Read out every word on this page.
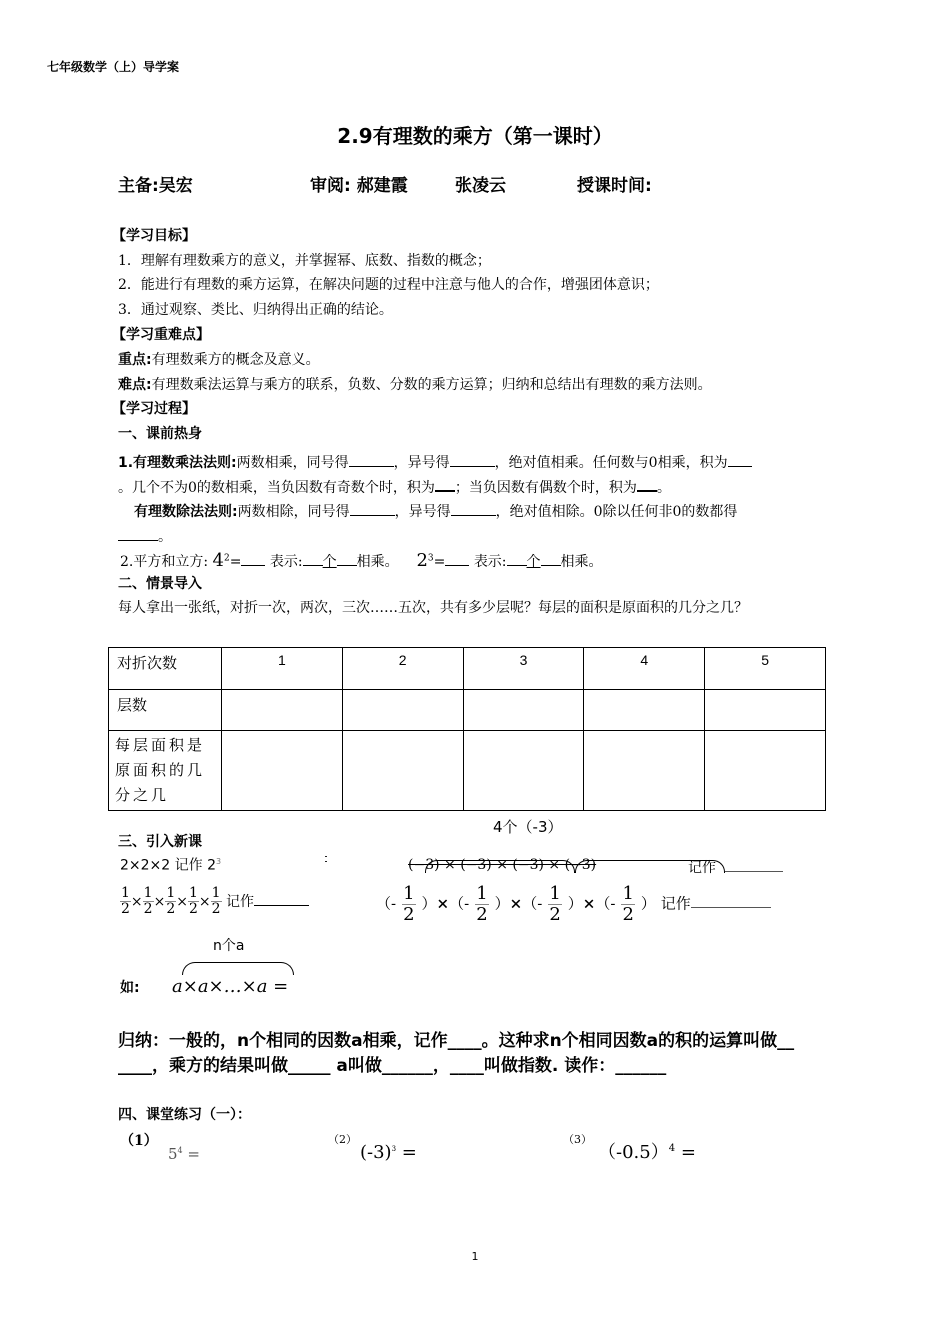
七年级数学（上）导学案
2.9有理数的乘方（第一课时）
主备:吴宏	审阅: 郝建霞	张凌云	授课时间:
【学习目标】
1．理解有理数乘方的意义，并掌握幂、底数、指数的概念；
2．能进行有理数的乘方运算，在解决问题的过程中注意与他人的合作，增强团体意识；
3．通过观察、类比、归纳得出正确的结论。
【学习重难点】
重点:有理数乘方的概念及意义。
难点:有理数乘法运算与乘方的联系，负数、分数的乘方运算；归纳和总结出有理数的乘方法则。
【学习过程】
一、课前热身
1.有理数乘法法则:两数相乘，同号得	，异号得	，绝对值相乘。任何数与0相乘，积为
。几个不为0的数相乘，当负因数有奇数个时，积为 ；当负因数有偶数个时，积为 。
有理数除法法则:两数相除，同号得	，异号得	，绝对值相除。0除以任何非0的数都得
。
2.平方和立方: $4^2=$ 表示: 个 相乘。 $2^3=$ 表示: 个 相乘。
二、情景导入
每人拿出一张纸，对折一次，两次，三次……五次，共有多少层呢？每层的面积是原面积的几分之几？
对折次数	1	2	3	4	5
层数					
每层面积是原面积的几分之几					
4个（-3）
三、引入新课
2×2×2 记作 $2^3$	(−3) × (−3) × (−3) × (−3)	记作
$\frac{1}{2} \times \frac{1}{2} \times \frac{1}{2} \times \frac{1}{2} \times \frac{1}{2}$ 记作	（- $\frac{1}{2}$ ）×（- $\frac{1}{2}$ ）×（- $\frac{1}{2}$ ）×（- $\frac{1}{2}$ ） 记作
n个a
如: a×a×…×a =
归纳：一般的，n个相同的因数a相乘，记作____。这种求n个相同因数a的积的运算叫做__
____，乘方的结果叫做_____ a叫做______，____叫做指数. 读作：______
四、课堂练习（一）：
（1）
$5^4$ =
（2）
$(-3)^3$ =
（3）
$(-0.5)^4$ =
1
